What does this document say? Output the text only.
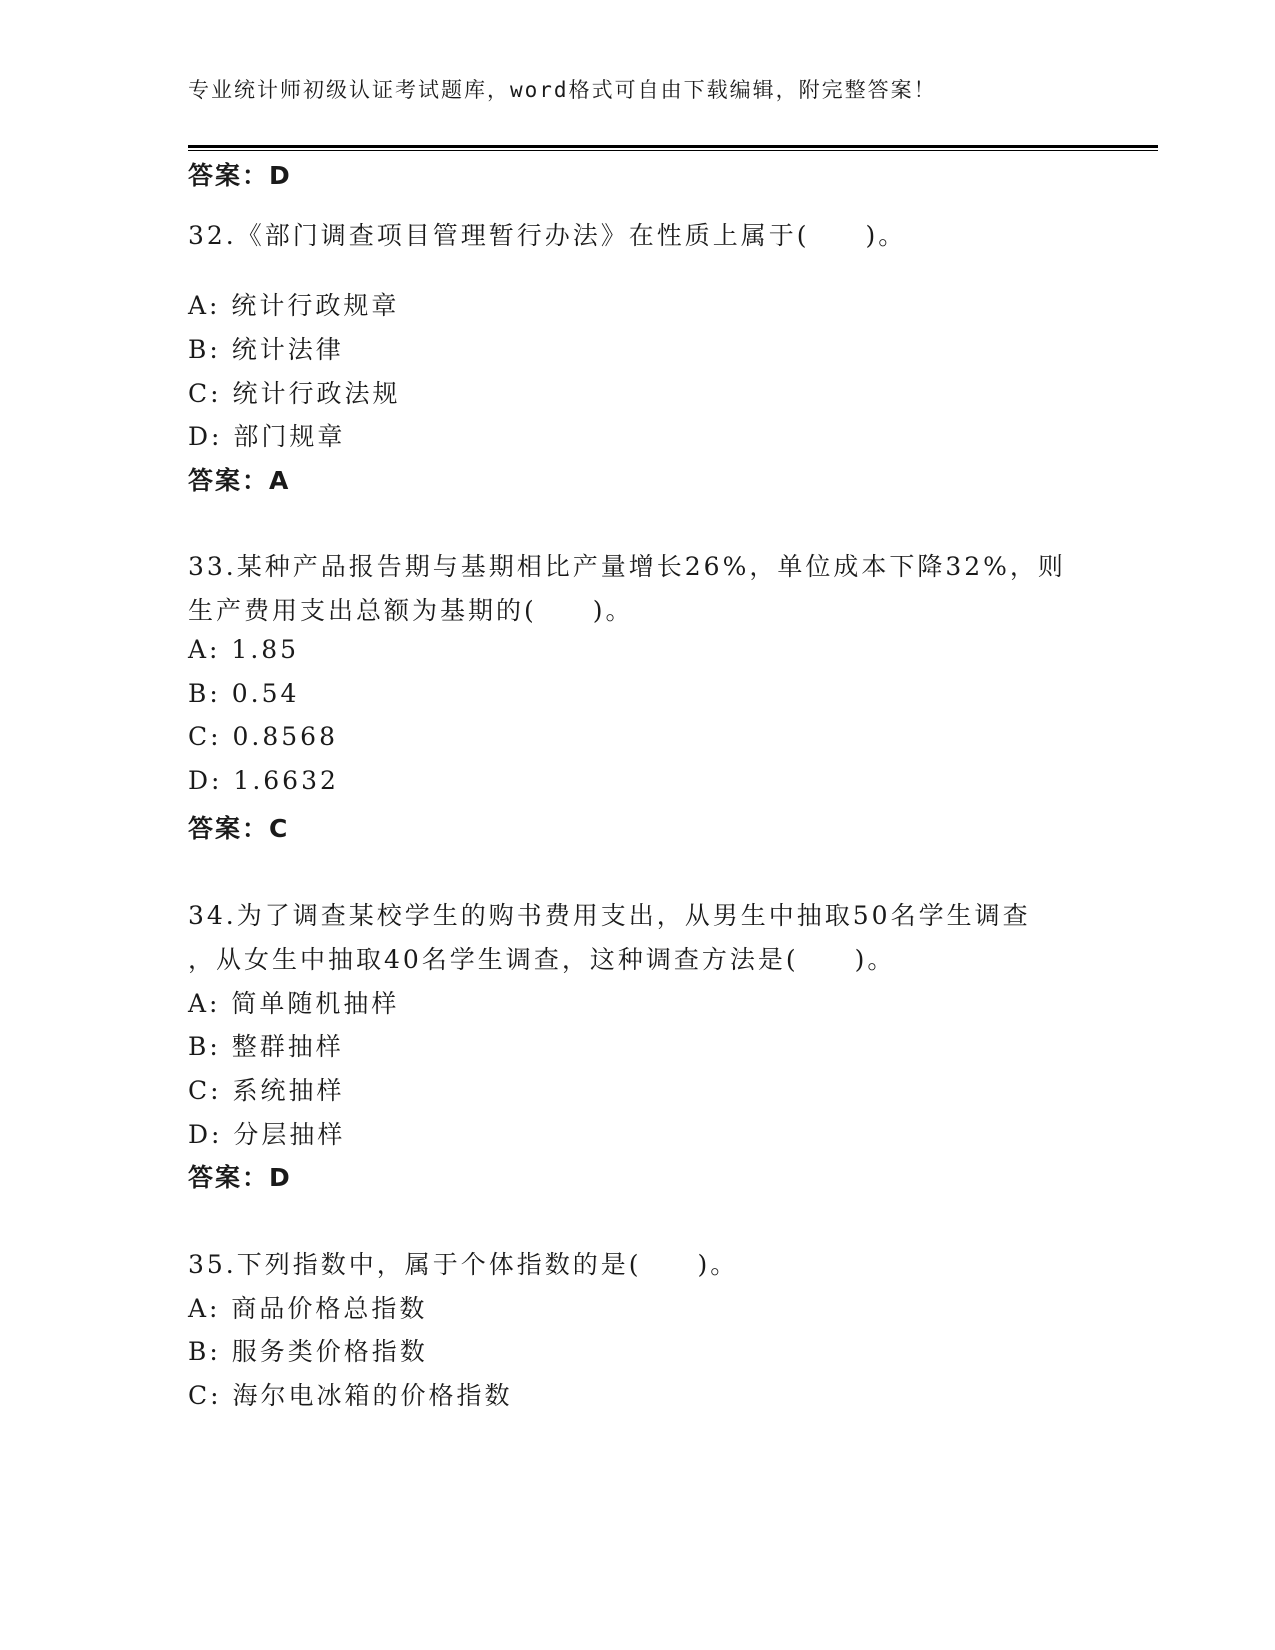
专业统计师初级认证考试题库，word格式可自由下载编辑，附完整答案！
答案：D
32.《部门调查项目管理暂行办法》在性质上属于(　　)。
A: 统计行政规章
B: 统计法律
C: 统计行政法规
D: 部门规章
答案：A
33.某种产品报告期与基期相比产量增长26%，单位成本下降32%，则
生产费用支出总额为基期的(　　)。
A: 1.85
B: 0.54
C: 0.8568
D: 1.6632
答案：C
34.为了调查某校学生的购书费用支出，从男生中抽取50名学生调查
，从女生中抽取40名学生调查，这种调查方法是(　　)。
A: 简单随机抽样
B: 整群抽样
C: 系统抽样
D: 分层抽样
答案：D
35.下列指数中，属于个体指数的是(　　)。
A: 商品价格总指数
B: 服务类价格指数
C: 海尔电冰箱的价格指数
